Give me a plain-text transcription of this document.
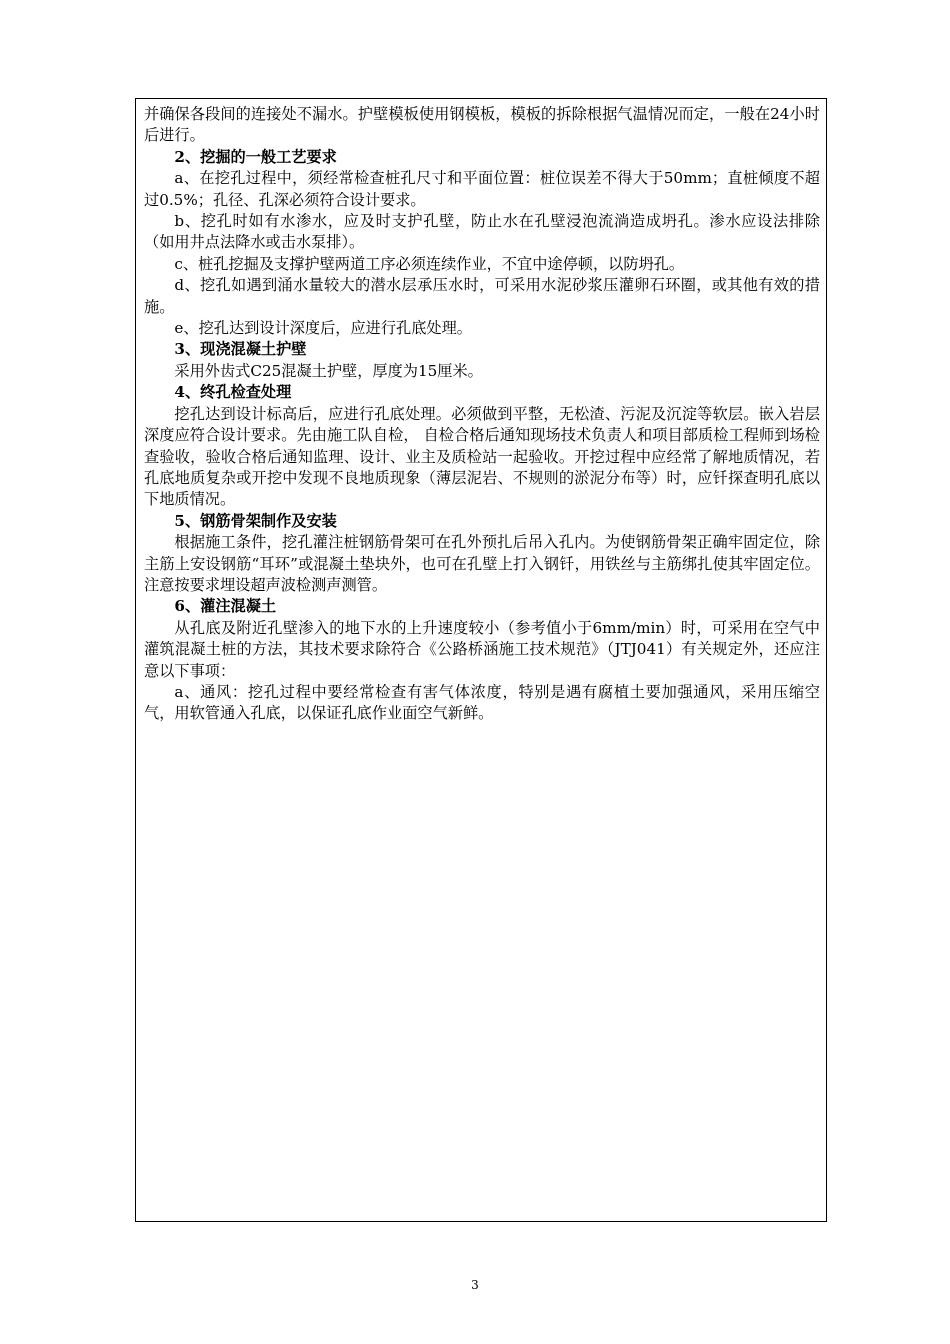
并确保各段间的连接处不漏水。护壁模板使用钢模板，模板的拆除根据气温情况而定，一般在24小时后进行。

2、挖掘的一般工艺要求

a、在挖孔过程中，须经常检查桩孔尺寸和平面位置：桩位误差不得大于50mm；直桩倾度不超过0.5%；孔径、孔深必须符合设计要求。

b、挖孔时如有水渗水，应及时支护孔壁，防止水在孔壁浸泡流淌造成坍孔。渗水应设法排除（如用井点法降水或击水泵排）。

c、桩孔挖掘及支撑护壁两道工序必须连续作业，不宜中途停顿，以防坍孔。

d、挖孔如遇到涌水量较大的潜水层承压水时，可采用水泥砂浆压灌卵石环圈，或其他有效的措施。

e、挖孔达到设计深度后，应进行孔底处理。

3、现浇混凝土护壁

采用外齿式C25混凝土护壁，厚度为15厘米。

4、终孔检查处理

挖孔达到设计标高后，应进行孔底处理。必须做到平整，无松渣、污泥及沉淀等软层。嵌入岩层深度应符合设计要求。先由施工队自检， 自检合格后通知现场技术负责人和项目部质检工程师到场检查验收，验收合格后通知监理、设计、业主及质检站一起验收。开挖过程中应经常了解地质情况，若孔底地质复杂或开挖中发现不良地质现象（薄层泥岩、不规则的淤泥分布等）时，应钎探查明孔底以下地质情况。

5、钢筋骨架制作及安装

根据施工条件，挖孔灌注桩钢筋骨架可在孔外预扎后吊入孔内。为使钢筋骨架正确牢固定位，除主筋上安设钢筋“耳环”或混凝土垫块外，也可在孔壁上打入钢钎，用铁丝与主筋绑扎使其牢固定位。注意按要求埋设超声波检测声测管。

6、灌注混凝土

从孔底及附近孔壁渗入的地下水的上升速度较小（参考值小于6mm/min）时，可采用在空气中灌筑混凝土桩的方法，其技术要求除符合《公路桥涵施工技术规范》（JTJ041）有关规定外，还应注意以下事项：

a、通风：挖孔过程中要经常检查有害气体浓度，特别是遇有腐植土要加强通风，采用压缩空气，用软管通入孔底，以保证孔底作业面空气新鲜。

3
